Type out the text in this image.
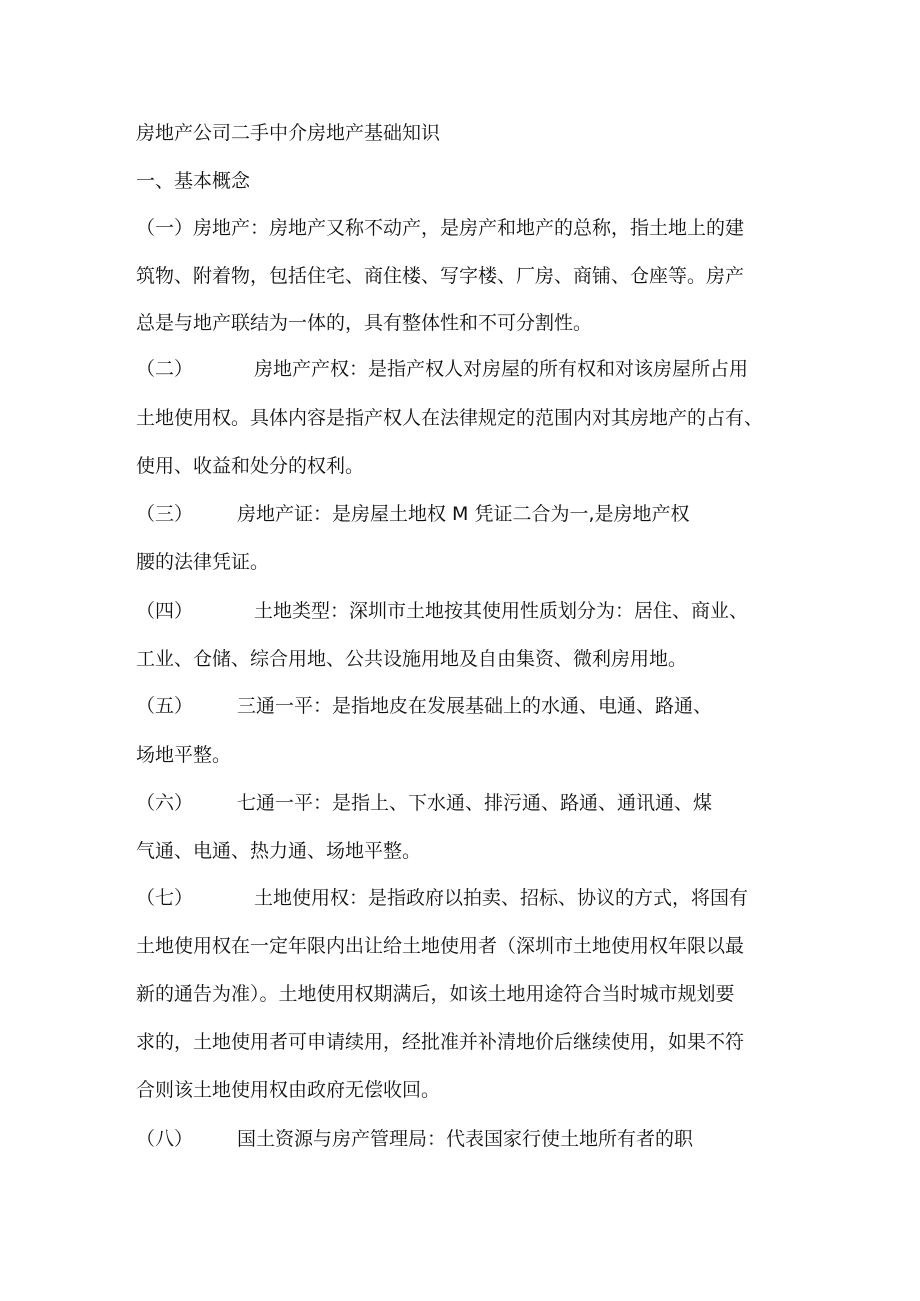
房地产公司二手中介房地产基础知识
一、基本概念
（一）房地产：房地产又称不动产，是房产和地产的总称，指土地上的建
筑物、附着物，包括住宅、商住楼、写字楼、厂房、商铺、仓座等。房产
总是与地产联结为一体的，具有整体性和不可分割性。
（二）	房地产产权：是指产权人对房屋的所有权和对该房屋所占用
土地使用权。具体内容是指产权人在法律规定的范围内对其房地产的占有、
使用、收益和处分的权利。
（三） 房地产证：是房屋土地权 M 凭证二合为一,是房地产权
腰的法律凭证。
（四）	土地类型：深圳市土地按其使用性质划分为：居住、商业、
工业、仓储、综合用地、公共设施用地及自由集资、微利房用地。
（五） 三通一平：是指地皮在发展基础上的水通、电通、路通、
场地平整。
（六） 七通一平：是指上、下水通、排污通、路通、通讯通、煤
气通、电通、热力通、场地平整。
（七）	土地使用权：是指政府以拍卖、招标、协议的方式，将国有
土地使用权在一定年限内出让给土地使用者（深圳市土地使用权年限以最
新的通告为准）。土地使用权期满后，如该土地用途符合当时城市规划要
求的，土地使用者可申请续用，经批准并补清地价后继续使用，如果不符
合则该土地使用权由政府无偿收回。
（八） 国土资源与房产管理局：代表国家行使土地所有者的职
